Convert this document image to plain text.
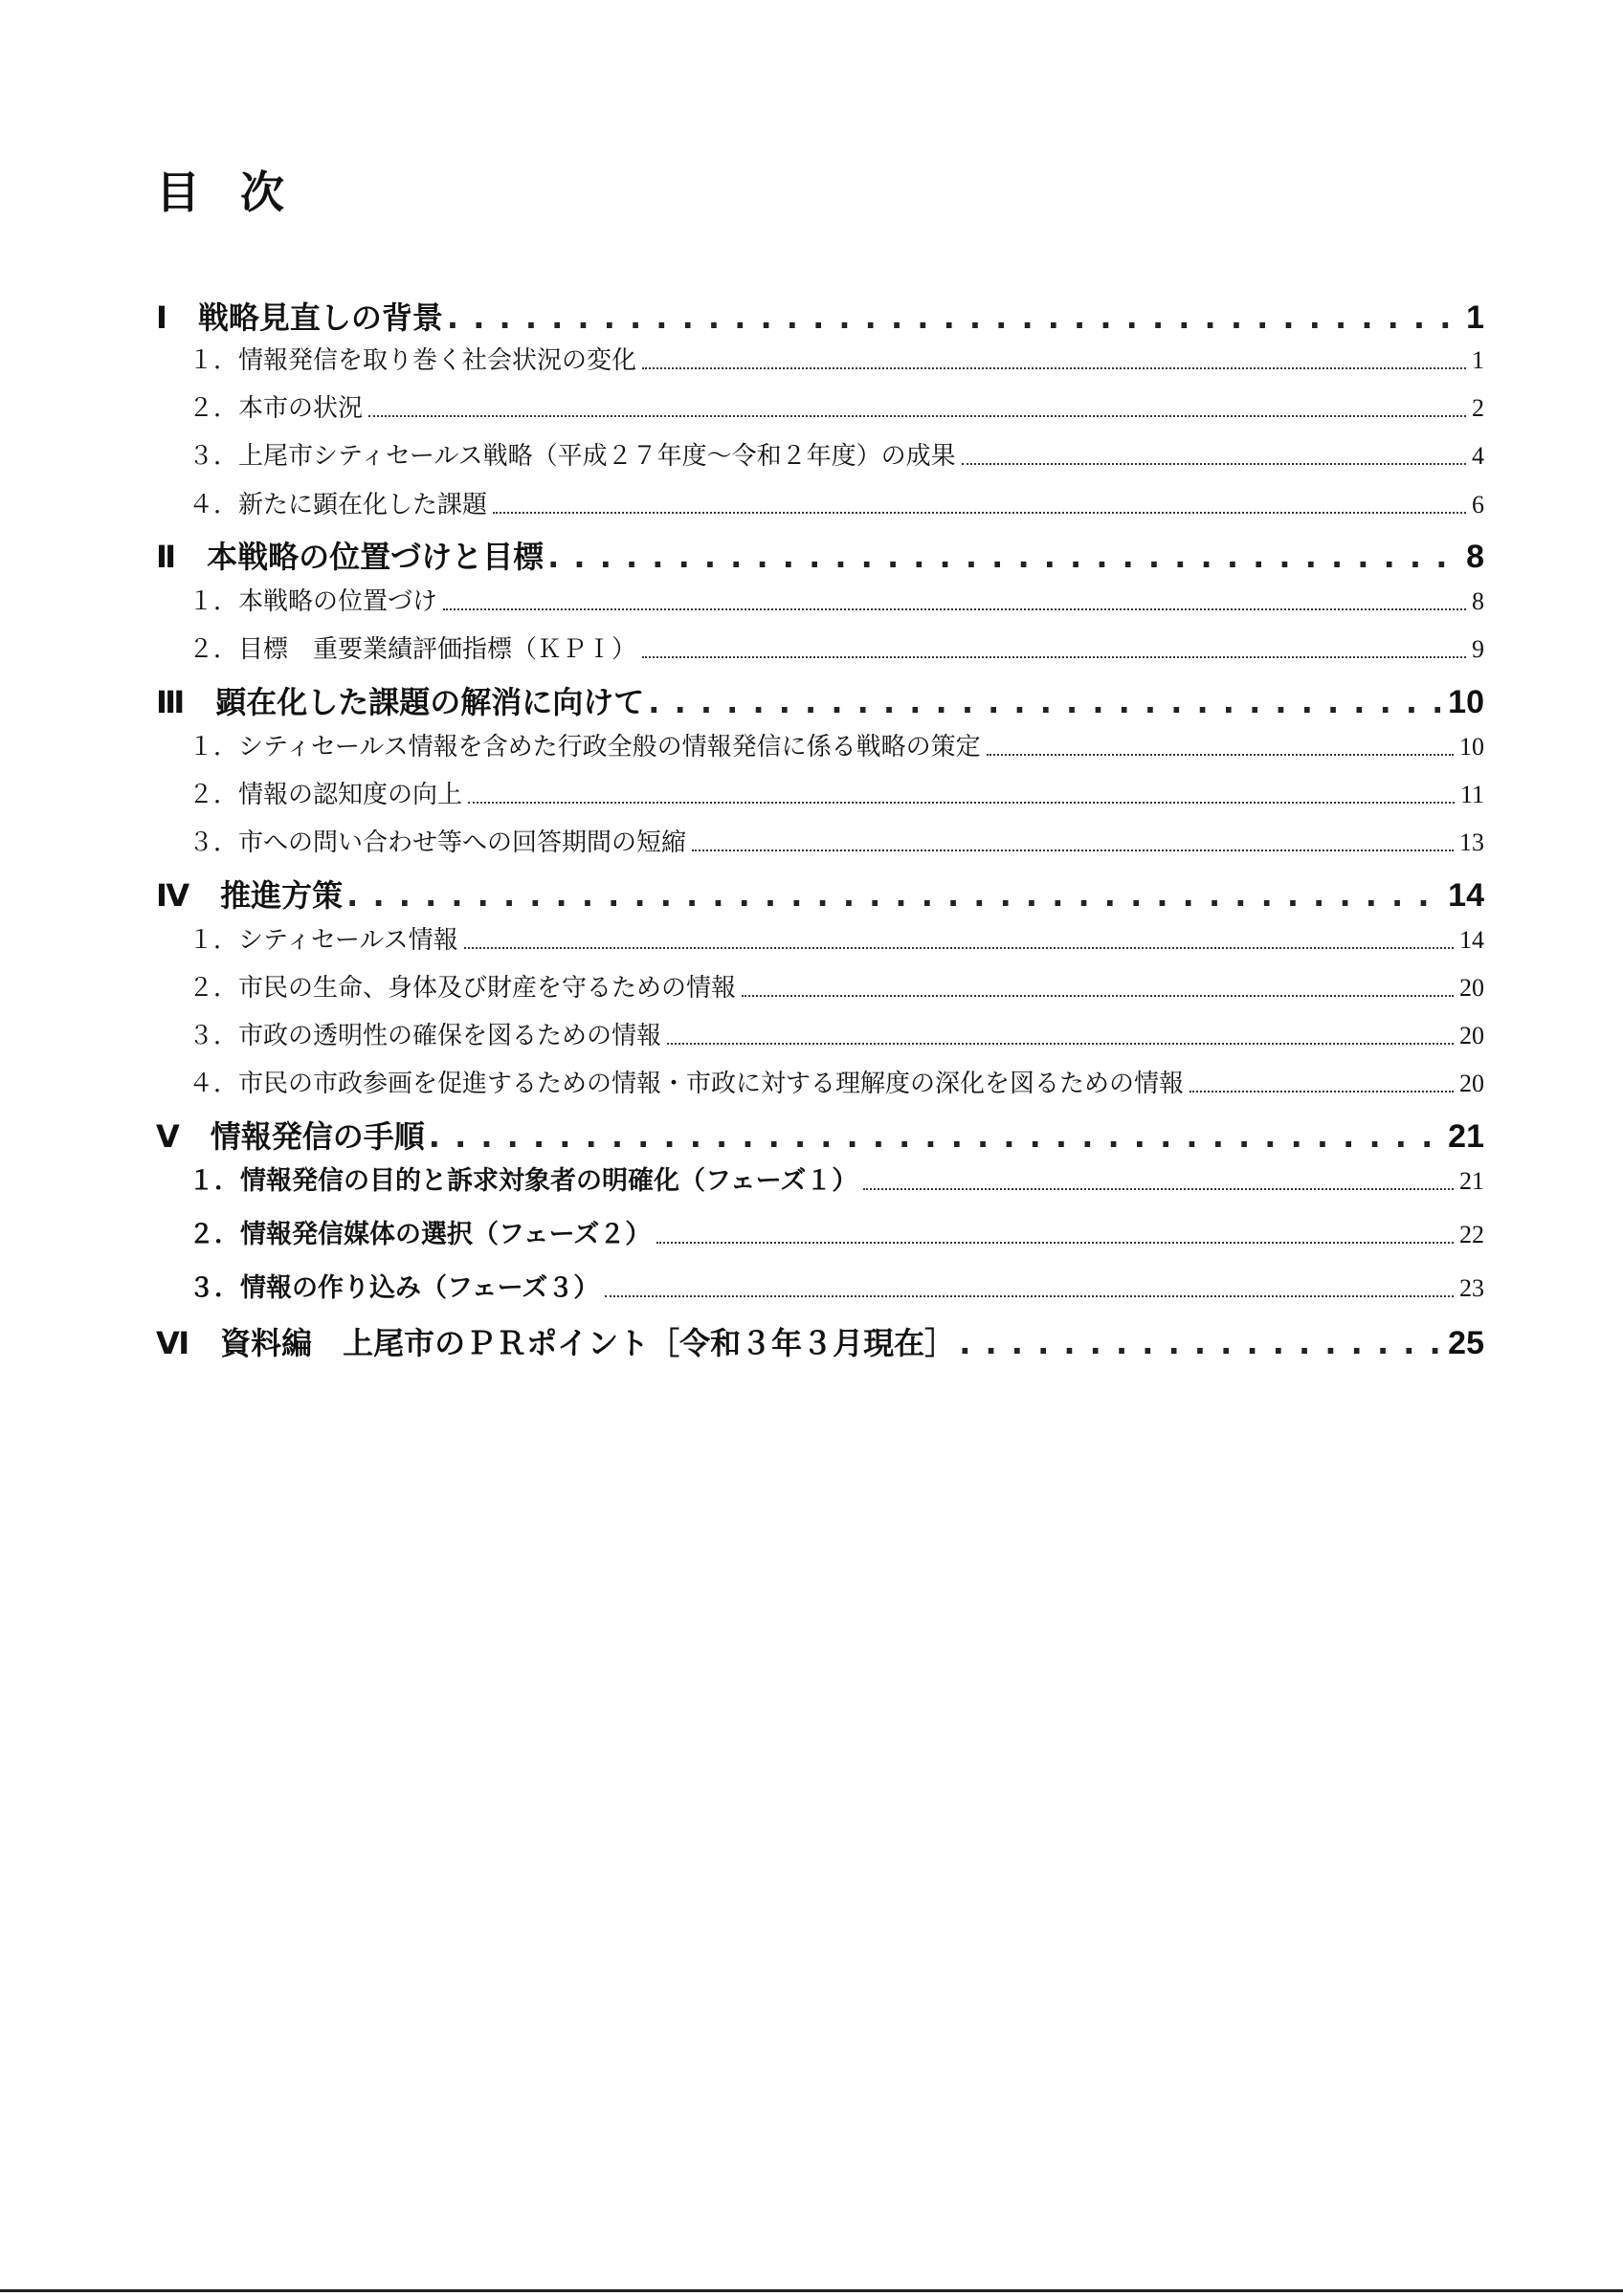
目次
Ⅰ　戦略見直しの背景 . . .	1
１．情報発信を取り巻く社会状況の変化	1
２．本市の状況	2
３．上尾市シティセールス戦略（平成２７年度～令和２年度）の成果	4
４．新たに顕在化した課題	6
Ⅱ　本戦略の位置づけと目標 . . .	8
１．本戦略の位置づけ	8
２．目標　重要業績評価指標（ＫＰＩ）	9
Ⅲ　顕在化した課題の解消に向けて . . .	10
１．シティセールス情報を含めた行政全般の情報発信に係る戦略の策定	10
２．情報の認知度の向上	11
３．市への問い合わせ等への回答期間の短縮	13
Ⅳ　推進方策 . . .	14
１．シティセールス情報	14
２．市民の生命、身体及び財産を守るための情報	20
３．市政の透明性の確保を図るための情報	20
４．市民の市政参画を促進するための情報・市政に対する理解度の深化を図るための情報	20
Ⅴ　情報発信の手順 . . .	21
１．情報発信の目的と訴求対象者の明確化（フェーズ１）	21
２．情報発信媒体の選択（フェーズ２）	22
３．情報の作り込み（フェーズ３）	23
Ⅵ　資料編　上尾市のＰＲポイント［令和３年３月現在］ . . .	25
